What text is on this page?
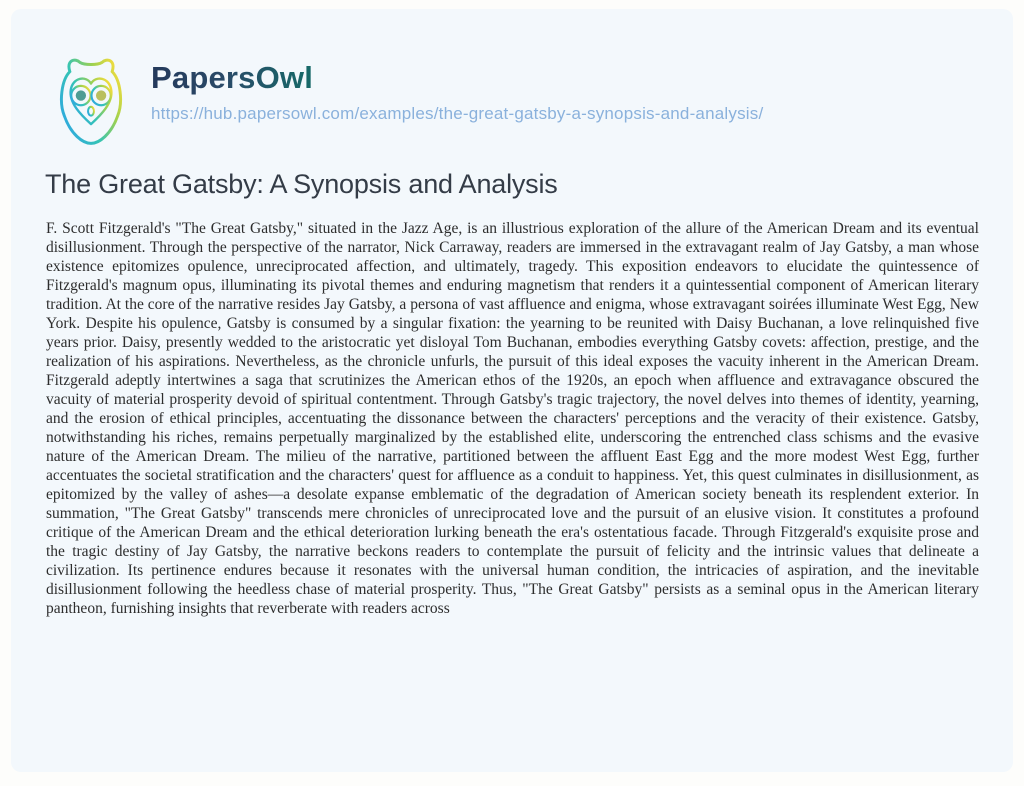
PapersOwl
https://hub.papersowl.com/examples/the-great-gatsby-a-synopsis-and-analysis/
The Great Gatsby: A Synopsis and Analysis

F. Scott Fitzgerald's "The Great Gatsby," situated in the Jazz Age, is an illustrious exploration of the allure of the American Dream and its eventual disillusionment. Through the perspective of the narrator, Nick Carraway, readers are immersed in the extravagant realm of Jay Gatsby, a man whose existence epitomizes opulence, unreciprocated affection, and ultimately, tragedy. This exposition endeavors to elucidate the quintessence of Fitzgerald's magnum opus, illuminating its pivotal themes and enduring magnetism that renders it a quintessential component of American literary tradition. At the core of the narrative resides Jay Gatsby, a persona of vast affluence and enigma, whose extravagant soirées illuminate West Egg, New York. Despite his opulence, Gatsby is consumed by a singular fixation: the yearning to be reunited with Daisy Buchanan, a love relinquished five years prior. Daisy, presently wedded to the aristocratic yet disloyal Tom Buchanan, embodies everything Gatsby covets: affection, prestige, and the realization of his aspirations. Nevertheless, as the chronicle unfurls, the pursuit of this ideal exposes the vacuity inherent in the American Dream. Fitzgerald adeptly intertwines a saga that scrutinizes the American ethos of the 1920s, an epoch when affluence and extravagance obscured the vacuity of material prosperity devoid of spiritual contentment. Through Gatsby's tragic trajectory, the novel delves into themes of identity, yearning, and the erosion of ethical principles, accentuating the dissonance between the characters' perceptions and the veracity of their existence. Gatsby, notwithstanding his riches, remains perpetually marginalized by the established elite, underscoring the entrenched class schisms and the evasive nature of the American Dream. The milieu of the narrative, partitioned between the affluent East Egg and the more modest West Egg, further accentuates the societal stratification and the characters' quest for affluence as a conduit to happiness. Yet, this quest culminates in disillusionment, as epitomized by the valley of ashes—a desolate expanse emblematic of the degradation of American society beneath its resplendent exterior. In summation, "The Great Gatsby" transcends mere chronicles of unreciprocated love and the pursuit of an elusive vision. It constitutes a profound critique of the American Dream and the ethical deterioration lurking beneath the era's ostentatious facade. Through Fitzgerald's exquisite prose and the tragic destiny of Jay Gatsby, the narrative beckons readers to contemplate the pursuit of felicity and the intrinsic values that delineate a civilization. Its pertinence endures because it resonates with the universal human condition, the intricacies of aspiration, and the inevitable disillusionment following the heedless chase of material prosperity. Thus, "The Great Gatsby" persists as a seminal opus in the American literary pantheon, furnishing insights that reverberate with readers across
